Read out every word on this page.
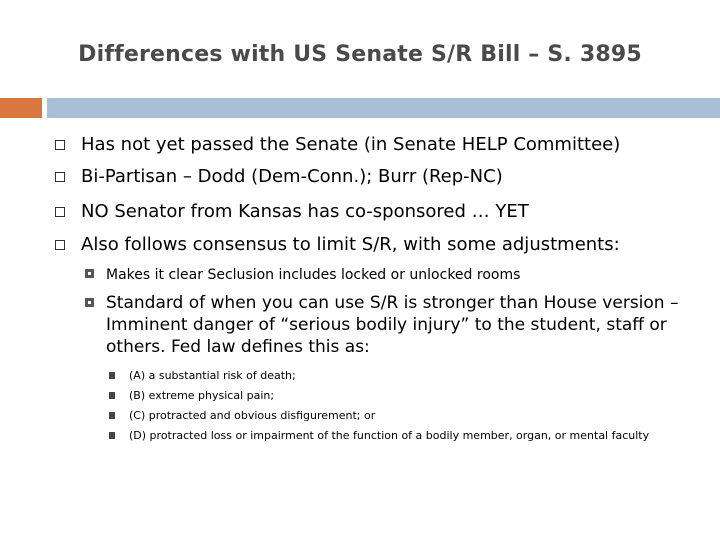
Differences with US Senate S/R Bill – S. 3895
Has not yet passed the Senate (in Senate HELP Committee)
Bi-Partisan – Dodd (Dem-Conn.); Burr (Rep-NC)
NO Senator from Kansas has co-sponsored … YET
Also follows consensus to limit S/R, with some adjustments:
Makes it clear Seclusion includes locked or unlocked rooms
Standard of when you can use S/R is stronger than House version – Imminent danger of “serious bodily injury” to the student, staff or others. Fed law defines this as:
(A) a substantial risk of death;
(B) extreme physical pain;
(C) protracted and obvious disfigurement; or
(D) protracted loss or impairment of the function of a bodily member, organ, or mental faculty
